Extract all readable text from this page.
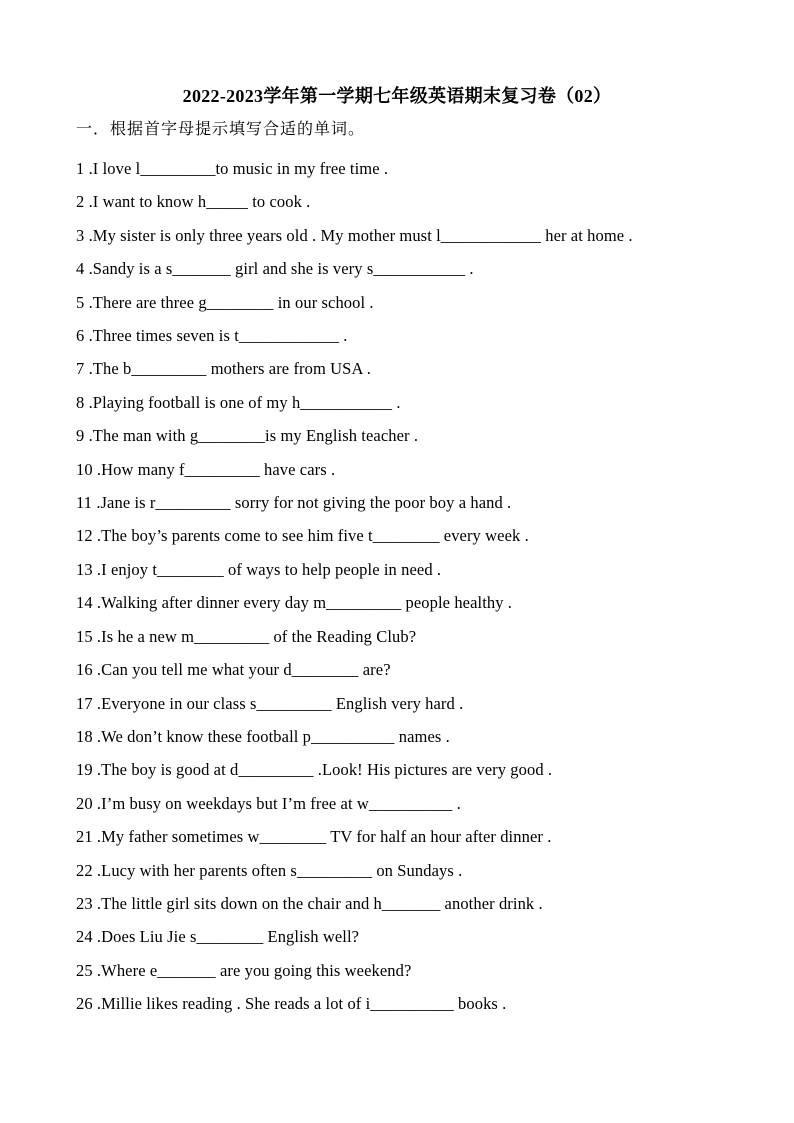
2022-2023学年第一学期七年级英语期末复习卷（02）
一．根据首字母提示填写合适的单词。
1 .I love l_________to music in my free time .
2 .I want to know h_____ to cook .
3 .My sister is only three years old . My mother must l____________ her at home .
4 .Sandy is a s_______ girl and she is very s___________ .
5 .There are three g________ in our school .
6 .Three times seven is t____________ .
7 .The b_________ mothers are from USA .
8 .Playing football is one of my h___________ .
9 .The man with g________is my English teacher .
10 .How many f_________ have cars .
11 .Jane is r_________ sorry for not giving the poor boy a hand .
12 .The boy’s parents come to see him five t________ every week .
13 .I enjoy t________ of ways to help people in need .
14 .Walking after dinner every day m_________ people healthy .
15 .Is he a new m_________ of the Reading Club?
16 .Can you tell me what your d________ are?
17 .Everyone in our class s_________ English very hard .
18 .We don’t know these football p__________ names .
19 .The boy is good at d_________ .Look! His pictures are very good .
20 .I’m busy on weekdays but I’m free at w__________ .
21 .My father sometimes w________ TV for half an hour after dinner .
22 .Lucy with her parents often s_________ on Sundays .
23 .The little girl sits down on the chair and h_______ another drink .
24 .Does Liu Jie s________ English well?
25 .Where e_______ are you going this weekend?
26 .Millie likes reading . She reads a lot of i__________ books .
